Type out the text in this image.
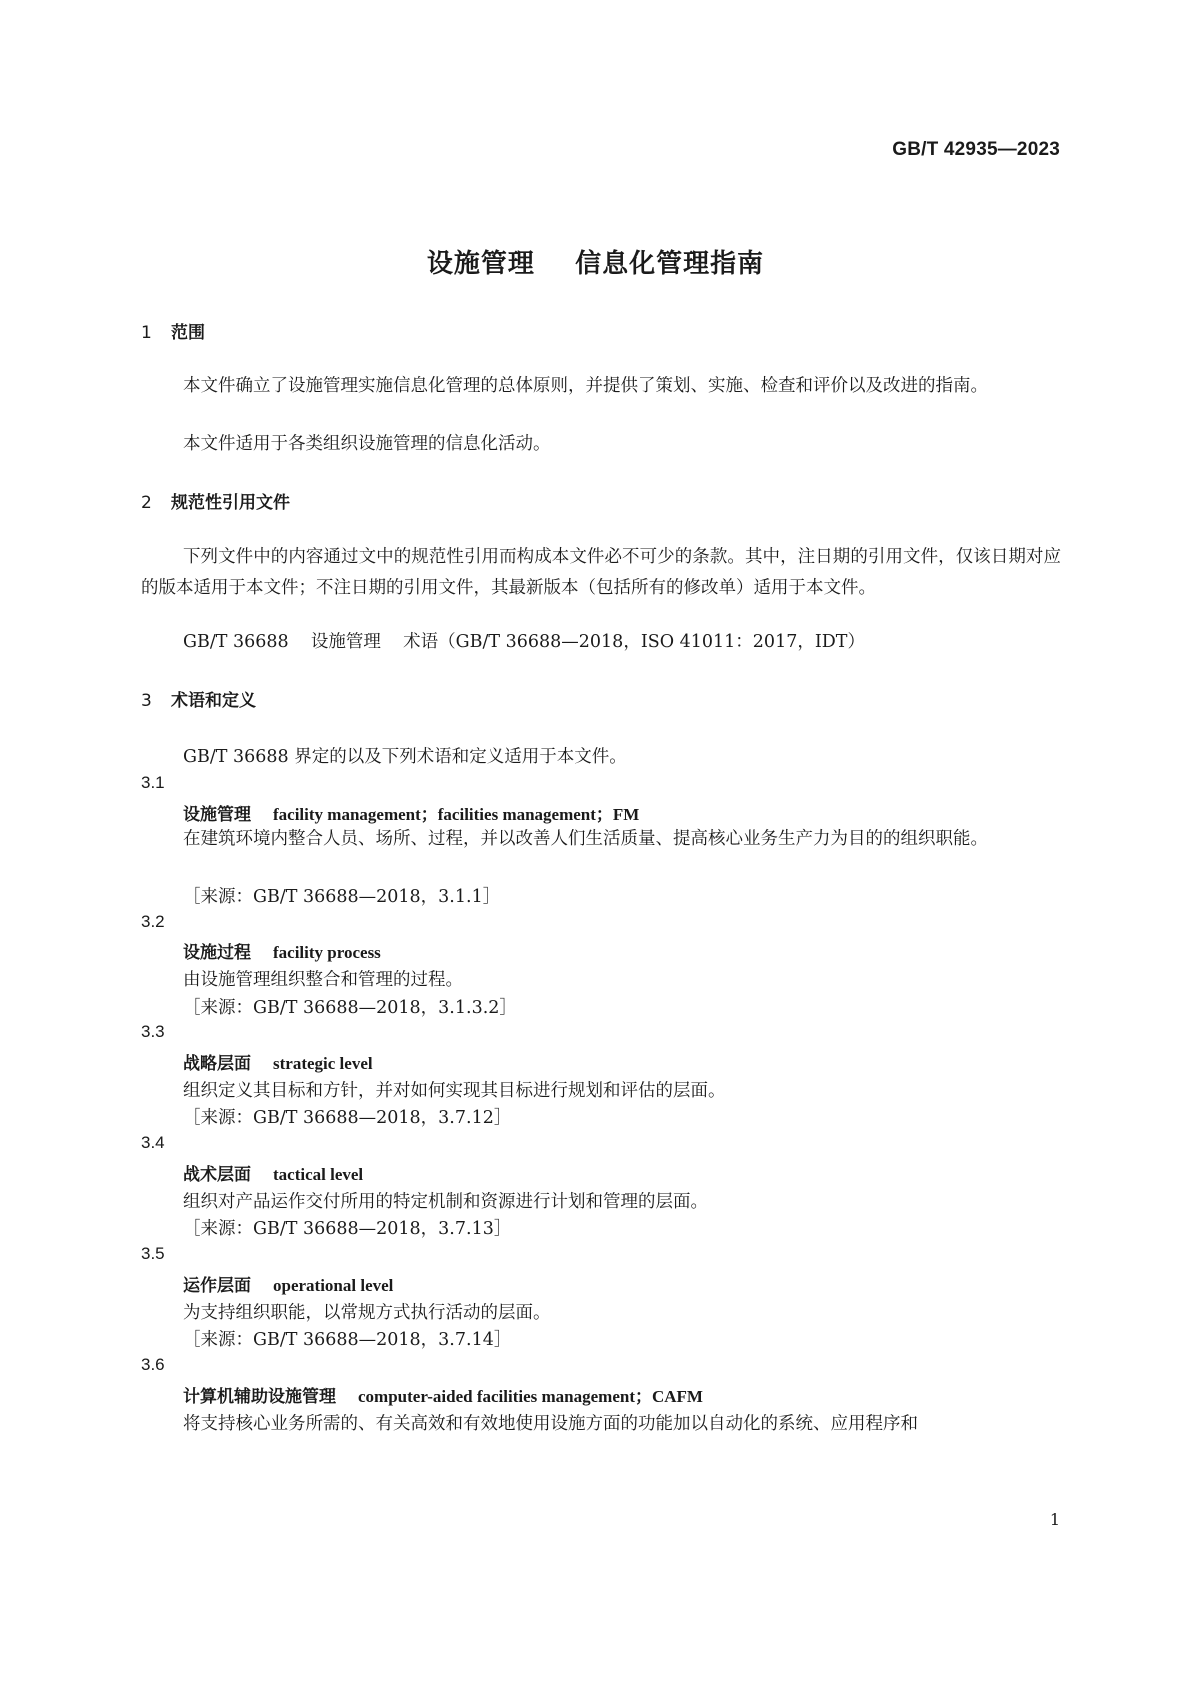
GB/T 42935—2023
设施管理    信息化管理指南
1 范围

本文件确立了设施管理实施信息化管理的总体原则，并提供了策划、实施、检查和评价以及改进的指南。

本文件适用于各类组织设施管理的信息化活动。

2 规范性引用文件

下列文件中的内容通过文中的规范性引用而构成本文件必不可少的条款。其中，注日期的引用文件，仅该日期对应的版本适用于本文件；不注日期的引用文件，其最新版本（包括所有的修改单）适用于本文件。

GB/T 36688    设施管理    术语（GB/T 36688—2018，ISO 41011：2017，IDT）

3 术语和定义

GB/T 36688 界定的以及下列术语和定义适用于本文件。

3.1

设施管理 facility management；facilities management；FM

在建筑环境内整合人员、场所、过程，并以改善人们生活质量、提高核心业务生产力为目的的组织职能。

［来源：GB/T 36688—2018，3.1.1］

3.2

设施过程 facility process

由设施管理组织整合和管理的过程。

［来源：GB/T 36688—2018，3.1.3.2］

3.3

战略层面 strategic level

组织定义其目标和方针，并对如何实现其目标进行规划和评估的层面。

［来源：GB/T 36688—2018，3.7.12］

3.4

战术层面 tactical level

组织对产品运作交付所用的特定机制和资源进行计划和管理的层面。

［来源：GB/T 36688—2018，3.7.13］

3.5

运作层面 operational level

为支持组织职能，以常规方式执行活动的层面。

［来源：GB/T 36688—2018，3.7.14］

3.6

计算机辅助设施管理 computer-aided facilities management；CAFM

将支持核心业务所需的、有关高效和有效地使用设施方面的功能加以自动化的系统、应用程序和

1
